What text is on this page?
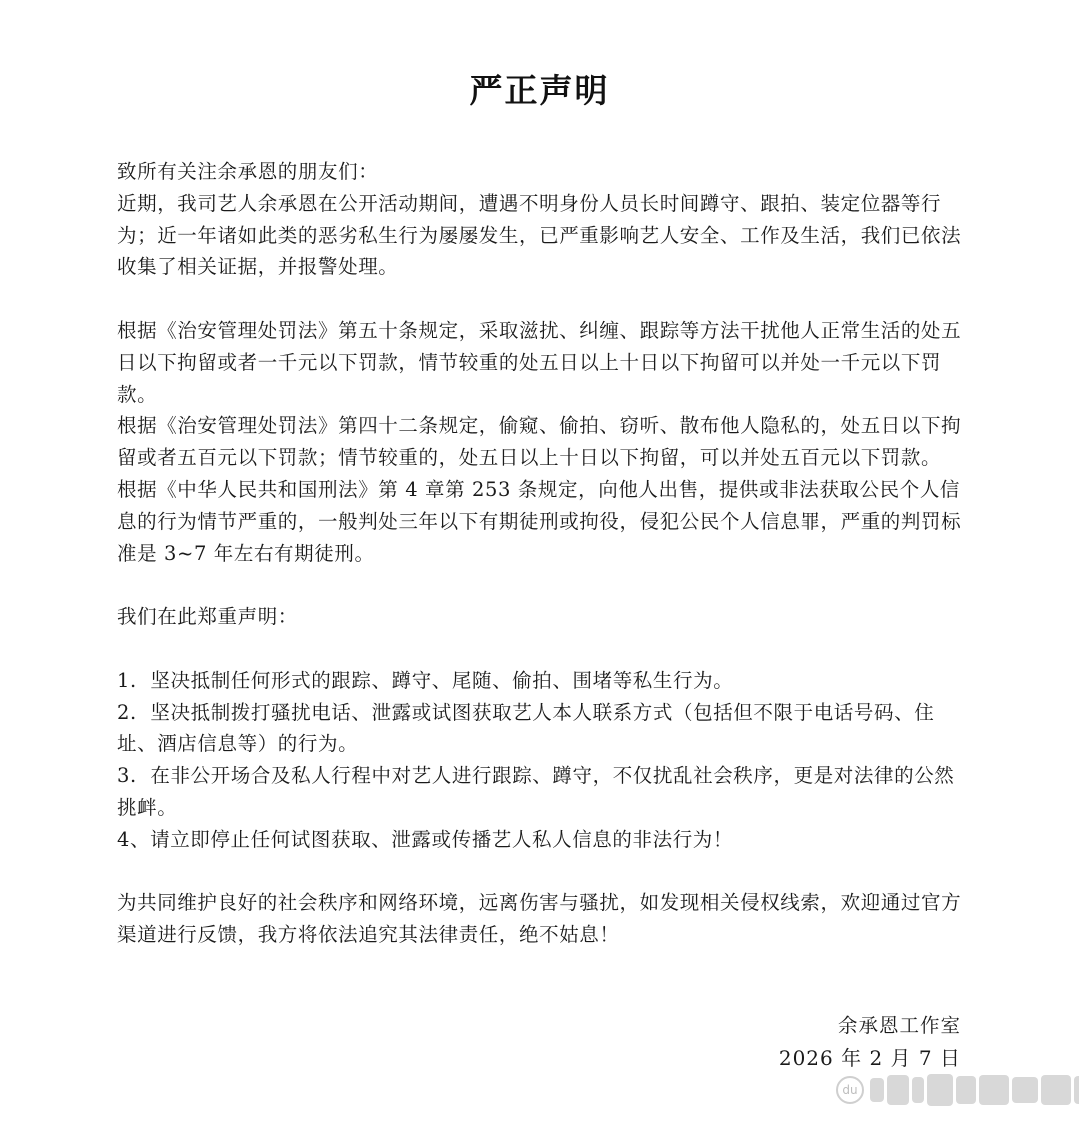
严正声明

致所有关注余承恩的朋友们：

近期，我司艺人余承恩在公开活动期间，遭遇不明身份人员长时间蹲守、跟拍、装定位器等行为；近一年诸如此类的恶劣私生行为屡屡发生，已严重影响艺人安全、工作及生活，我们已依法收集了相关证据，并报警处理。

根据《治安管理处罚法》第五十条规定，采取滋扰、纠缠、跟踪等方法干扰他人正常生活的处五日以下拘留或者一千元以下罚款，情节较重的处五日以上十日以下拘留可以并处一千元以下罚款。

根据《治安管理处罚法》第四十二条规定，偷窥、偷拍、窃听、散布他人隐私的，处五日以下拘留或者五百元以下罚款；情节较重的，处五日以上十日以下拘留，可以并处五百元以下罚款。

根据《中华人民共和国刑法》第 4 章第 253 条规定，向他人出售，提供或非法获取公民个人信息的行为情节严重的，一般判处三年以下有期徒刑或拘役，侵犯公民个人信息罪，严重的判罚标准是 3~7 年左右有期徒刑。

我们在此郑重声明：

1.  坚决抵制任何形式的跟踪、蹲守、尾随、偷拍、围堵等私生行为。

2.  坚决抵制拨打骚扰电话、泄露或试图获取艺人本人联系方式（包括但不限于电话号码、住址、酒店信息等）的行为。

3.  在非公开场合及私人行程中对艺人进行跟踪、蹲守，不仅扰乱社会秩序，更是对法律的公然挑衅。

4、请立即停止任何试图获取、泄露或传播艺人私人信息的非法行为！

为共同维护良好的社会秩序和网络环境，远离伤害与骚扰，如发现相关侵权线索，欢迎通过官方渠道进行反馈，我方将依法追究其法律责任，绝不姑息！

余承恩工作室
2026 年 2 月 7 日
du
